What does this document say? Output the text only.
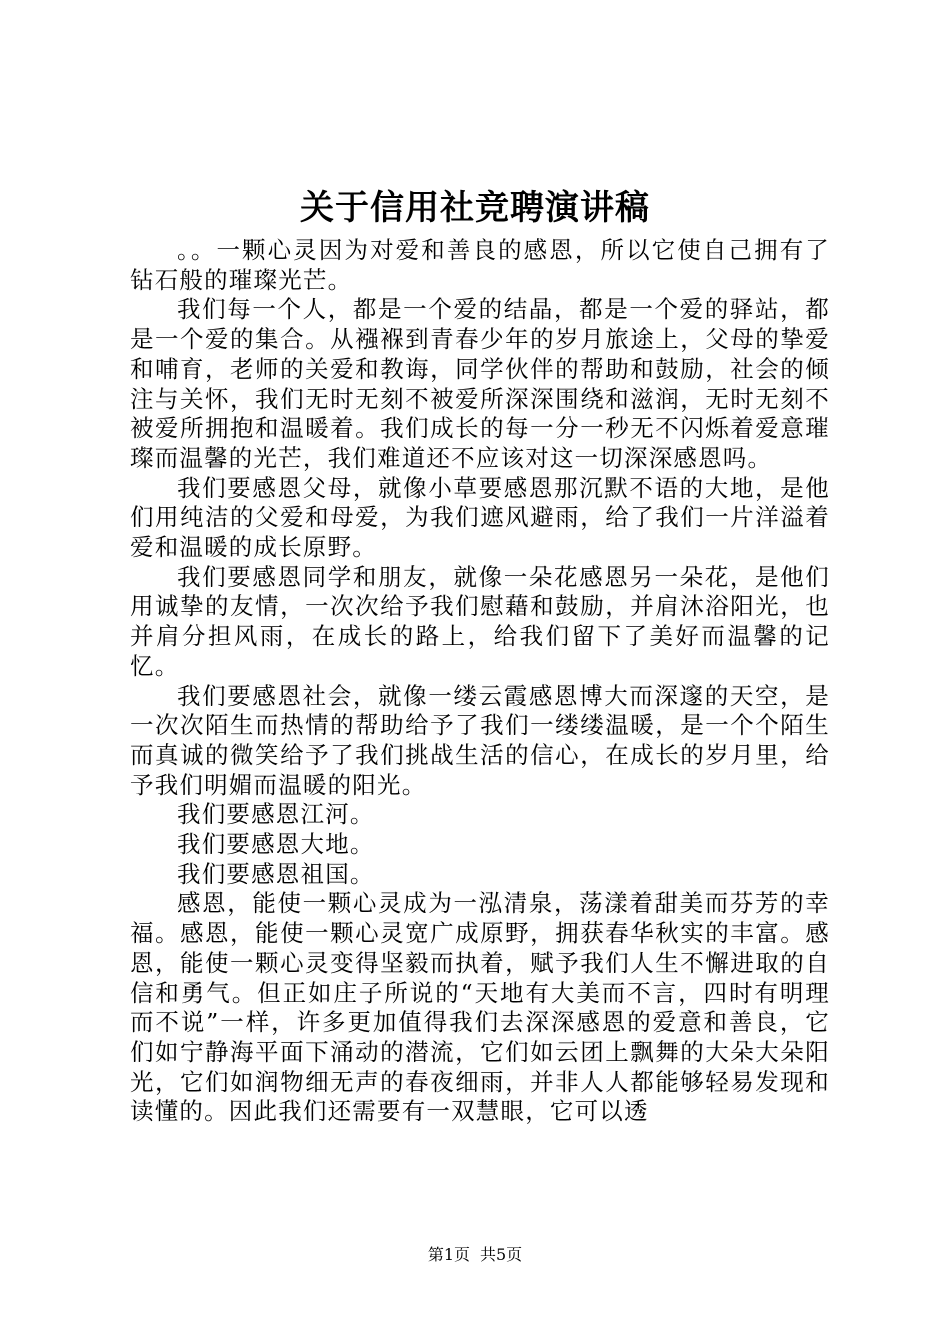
关于信用社竞聘演讲稿

。。一颗心灵因为对爱和善良的感恩，所以它使自己拥有了钻石般的璀璨光芒。

我们每一个人，都是一个爱的结晶，都是一个爱的驿站，都是一个爱的集合。从襁褓到青春少年的岁月旅途上，父母的挚爱和哺育，老师的关爱和教诲，同学伙伴的帮助和鼓励，社会的倾注与关怀，我们无时无刻不被爱所深深围绕和滋润，无时无刻不被爱所拥抱和温暖着。我们成长的每一分一秒无不闪烁着爱意璀璨而温馨的光芒，我们难道还不应该对这一切深深感恩吗。

我们要感恩父母，就像小草要感恩那沉默不语的大地，是他们用纯洁的父爱和母爱，为我们遮风避雨，给了我们一片洋溢着爱和温暖的成长原野。

我们要感恩同学和朋友，就像一朵花感恩另一朵花，是他们用诚挚的友情，一次次给予我们慰藉和鼓励，并肩沐浴阳光，也并肩分担风雨，在成长的路上，给我们留下了美好而温馨的记忆。

我们要感恩社会，就像一缕云霞感恩博大而深邃的天空，是一次次陌生而热情的帮助给予了我们一缕缕温暖，是一个个陌生而真诚的微笑给予了我们挑战生活的信心，在成长的岁月里，给予我们明媚而温暖的阳光。

我们要感恩江河。

我们要感恩大地。

我们要感恩祖国。

感恩，能使一颗心灵成为一泓清泉，荡漾着甜美而芬芳的幸福。感恩，能使一颗心灵宽广成原野，拥获春华秋实的丰富。感恩，能使一颗心灵变得坚毅而执着，赋予我们人生不懈进取的自信和勇气。但正如庄子所说的“天地有大美而不言，四时有明理而不说”一样，许多更加值得我们去深深感恩的爱意和善良，它们如宁静海平面下涌动的潜流，它们如云团上飘舞的大朵大朵阳光，它们如润物细无声的春夜细雨，并非人人都能够轻易发现和读懂的。因此我们还需要有一双慧眼，它可以透

第1页 共5页
